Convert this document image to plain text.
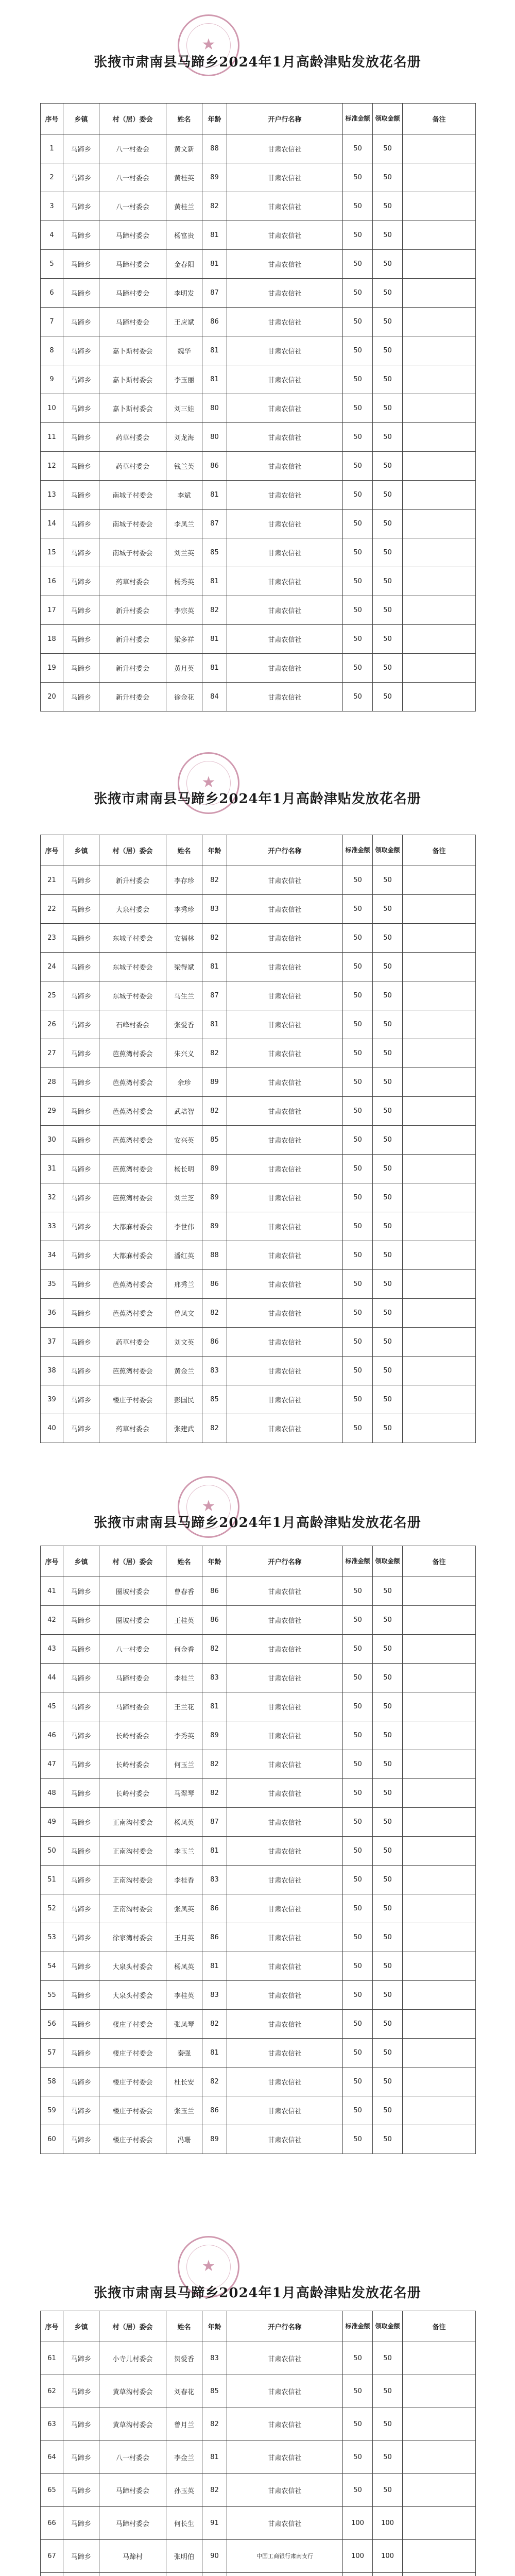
★
张掖市肃南县马蹄乡2024年1月高龄津贴发放花名册
序号	乡镇	村（居）委会	姓名	年龄	开户行名称	标准金额	领取金额	备注
1	马蹄乡	八一村委会	黄文新	88	甘肃农信社	50	50	
2	马蹄乡	八一村委会	黄桂英	89	甘肃农信社	50	50	
3	马蹄乡	八一村委会	黄桂兰	82	甘肃农信社	50	50	
4	马蹄乡	马蹄村委会	杨富贵	81	甘肃农信社	50	50	
5	马蹄乡	马蹄村委会	金春阳	81	甘肃农信社	50	50	
6	马蹄乡	马蹄村委会	李明发	87	甘肃农信社	50	50	
7	马蹄乡	马蹄村委会	王应斌	86	甘肃农信社	50	50	
8	马蹄乡	嘉卜斯村委会	魏华	81	甘肃农信社	50	50	
9	马蹄乡	嘉卜斯村委会	李玉丽	81	甘肃农信社	50	50	
10	马蹄乡	嘉卜斯村委会	刘三娃	80	甘肃农信社	50	50	
11	马蹄乡	药草村委会	刘龙海	80	甘肃农信社	50	50	
12	马蹄乡	药草村委会	钱兰芙	86	甘肃农信社	50	50	
13	马蹄乡	南城子村委会	李斌	81	甘肃农信社	50	50	
14	马蹄乡	南城子村委会	李凤兰	87	甘肃农信社	50	50	
15	马蹄乡	南城子村委会	刘兰英	85	甘肃农信社	50	50	
16	马蹄乡	药草村委会	杨秀英	81	甘肃农信社	50	50	
17	马蹄乡	新升村委会	李宗英	82	甘肃农信社	50	50	
18	马蹄乡	新升村委会	梁多祥	81	甘肃农信社	50	50	
19	马蹄乡	新升村委会	黄月英	81	甘肃农信社	50	50	
20	马蹄乡	新升村委会	徐金花	84	甘肃农信社	50	50	
★
张掖市肃南县马蹄乡2024年1月高龄津贴发放花名册
序号	乡镇	村（居）委会	姓名	年龄	开户行名称	标准金额	领取金额	备注
21	马蹄乡	新升村委会	李存珍	82	甘肃农信社	50	50	
22	马蹄乡	大泉村委会	李秀珍	83	甘肃农信社	50	50	
23	马蹄乡	东城子村委会	安福林	82	甘肃农信社	50	50	
24	马蹄乡	东城子村委会	梁得斌	81	甘肃农信社	50	50	
25	马蹄乡	东城子村委会	马生兰	87	甘肃农信社	50	50	
26	马蹄乡	石峰村委会	张爱香	81	甘肃农信社	50	50	
27	马蹄乡	芭蕉湾村委会	朱兴义	82	甘肃农信社	50	50	
28	马蹄乡	芭蕉湾村委会	余珍	89	甘肃农信社	50	50	
29	马蹄乡	芭蕉湾村委会	武培智	82	甘肃农信社	50	50	
30	马蹄乡	芭蕉湾村委会	安兴英	85	甘肃农信社	50	50	
31	马蹄乡	芭蕉湾村委会	杨长明	89	甘肃农信社	50	50	
32	马蹄乡	芭蕉湾村委会	刘兰芝	89	甘肃农信社	50	50	
33	马蹄乡	大都麻村委会	李世伟	89	甘肃农信社	50	50	
34	马蹄乡	大都麻村委会	潘红英	88	甘肃农信社	50	50	
35	马蹄乡	芭蕉湾村委会	邢秀兰	86	甘肃农信社	50	50	
36	马蹄乡	芭蕉湾村委会	曾凤文	82	甘肃农信社	50	50	
37	马蹄乡	药草村委会	刘文英	86	甘肃农信社	50	50	
38	马蹄乡	芭蕉湾村委会	黄金兰	83	甘肃农信社	50	50	
39	马蹄乡	楼庄子村委会	彭国民	85	甘肃农信社	50	50	
40	马蹄乡	药草村委会	张建武	82	甘肃农信社	50	50	
★
张掖市肃南县马蹄乡2024年1月高龄津贴发放花名册
序号	乡镇	村（居）委会	姓名	年龄	开户行名称	标准金额	领取金额	备注
41	马蹄乡	圈坡村委会	曹春香	86	甘肃农信社	50	50	
42	马蹄乡	圈坡村委会	王桂英	86	甘肃农信社	50	50	
43	马蹄乡	八一村委会	何金香	82	甘肃农信社	50	50	
44	马蹄乡	马蹄村委会	李桂兰	83	甘肃农信社	50	50	
45	马蹄乡	马蹄村委会	王兰花	81	甘肃农信社	50	50	
46	马蹄乡	长岭村委会	李秀英	89	甘肃农信社	50	50	
47	马蹄乡	长岭村委会	何玉兰	82	甘肃农信社	50	50	
48	马蹄乡	长岭村委会	马翠琴	82	甘肃农信社	50	50	
49	马蹄乡	正南沟村委会	杨凤英	87	甘肃农信社	50	50	
50	马蹄乡	正南沟村委会	李玉兰	81	甘肃农信社	50	50	
51	马蹄乡	正南沟村委会	李桂香	83	甘肃农信社	50	50	
52	马蹄乡	正南沟村委会	张凤英	86	甘肃农信社	50	50	
53	马蹄乡	徐家湾村委会	王月英	86	甘肃农信社	50	50	
54	马蹄乡	大泉头村委会	杨凤英	81	甘肃农信社	50	50	
55	马蹄乡	大泉头村委会	李桂英	83	甘肃农信社	50	50	
56	马蹄乡	楼庄子村委会	张凤琴	82	甘肃农信社	50	50	
57	马蹄乡	楼庄子村委会	秦强	81	甘肃农信社	50	50	
58	马蹄乡	楼庄子村委会	杜长安	82	甘肃农信社	50	50	
59	马蹄乡	楼庄子村委会	张玉兰	86	甘肃农信社	50	50	
60	马蹄乡	楼庄子村委会	冯珊	89	甘肃农信社	50	50	
★
张掖市肃南县马蹄乡2024年1月高龄津贴发放花名册
序号	乡镇	村（居）委会	姓名	年龄	开户行名称	标准金额	领取金额	备注
61	马蹄乡	小寺儿村委会	贺爱香	83	甘肃农信社	50	50	
62	马蹄乡	黄草沟村委会	刘春花	85	甘肃农信社	50	50	
63	马蹄乡	黄草沟村委会	曾月兰	82	甘肃农信社	50	50	
64	马蹄乡	八一村委会	李金兰	81	甘肃农信社	50	50	
65	马蹄乡	马蹄村委会	孙玉英	82	甘肃农信社	50	50	
66	马蹄乡	马蹄村委会	何长生	91	甘肃农信社	100	100	
67	马蹄乡	马蹄村	张明伯	90	中国工商银行肃南支行	100	100	
